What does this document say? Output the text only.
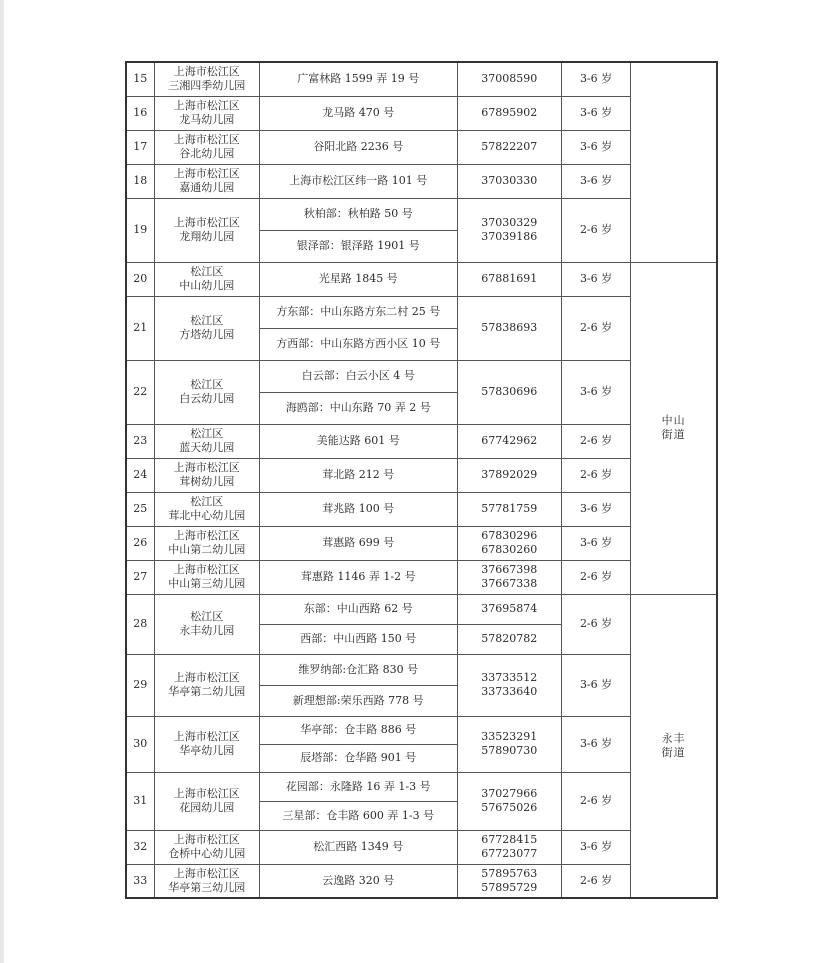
15	上海市松江区
三湘四季幼儿园	广富林路 1599 弄 19 号	37008590	3-6 岁	

16	上海市松江区
龙马幼儿园	龙马路 470 号	67895902	3-6 岁	
17	上海市松江区
谷北幼儿园	谷阳北路 2236 号	57822207	3-6 岁	
18	上海市松江区
嘉通幼儿园	上海市松江区纬一路 101 号	37030330	3-6 岁	
19	上海市松江区
龙翔幼儿园	秋柏部：秋柏路 50 号	37030329
37039186	2-6 岁	
		银泽部：银泽路 1901 号			
20	松江区
中山幼儿园	光星路 1845 号	67881691	3-6 岁	中山
街道

21	松江区
方塔幼儿园	方东部：中山东路方东二村 25 号	57838693	2-6 岁	
		方西部：中山东路方西小区 10 号			
22	松江区
白云幼儿园	白云部：白云小区 4 号	57830696	3-6 岁	
		海鸥部：中山东路 70 弄 2 号			
23	松江区
蓝天幼儿园	美能达路 601 号	67742962	2-6 岁	
24	上海市松江区
茸树幼儿园	茸北路 212 号	37892029	2-6 岁	
25	松江区
茸北中心幼儿园	茸兆路 100 号	57781759	3-6 岁	
26	上海市松江区
中山第二幼儿园	茸惠路 699 号	67830296
67830260	3-6 岁	
27	上海市松江区
中山第三幼儿园	茸惠路 1146 弄 1-2 号	37667398
37667338	2-6 岁	
28	松江区
永丰幼儿园	东部：中山西路 62 号	37695874	2-6 岁	永丰
街道

		西部：中山西路 150 号	57820782		

29	上海市松江区
华亭第二幼儿园	维罗纳部:仓汇路 830 号	33733512
33733640	3-6 岁	
		新理想部:荣乐西路 778 号			
30	上海市松江区
华亭幼儿园	华亭部：仓丰路 886 号	33523291
57890730	3-6 岁	
		辰塔部：仓华路 901 号			
31	上海市松江区
花园幼儿园	花园部：永隆路 16 弄 1-3 号	37027966
57675026	2-6 岁	
		三星部：仓丰路 600 弄 1-3 号			
32	上海市松江区
仓桥中心幼儿园	松汇西路 1349 号	67728415
67723077	3-6 岁	
33	上海市松江区
华亭第三幼儿园	云逸路 320 号	57895763
57895729	2-6 岁	
